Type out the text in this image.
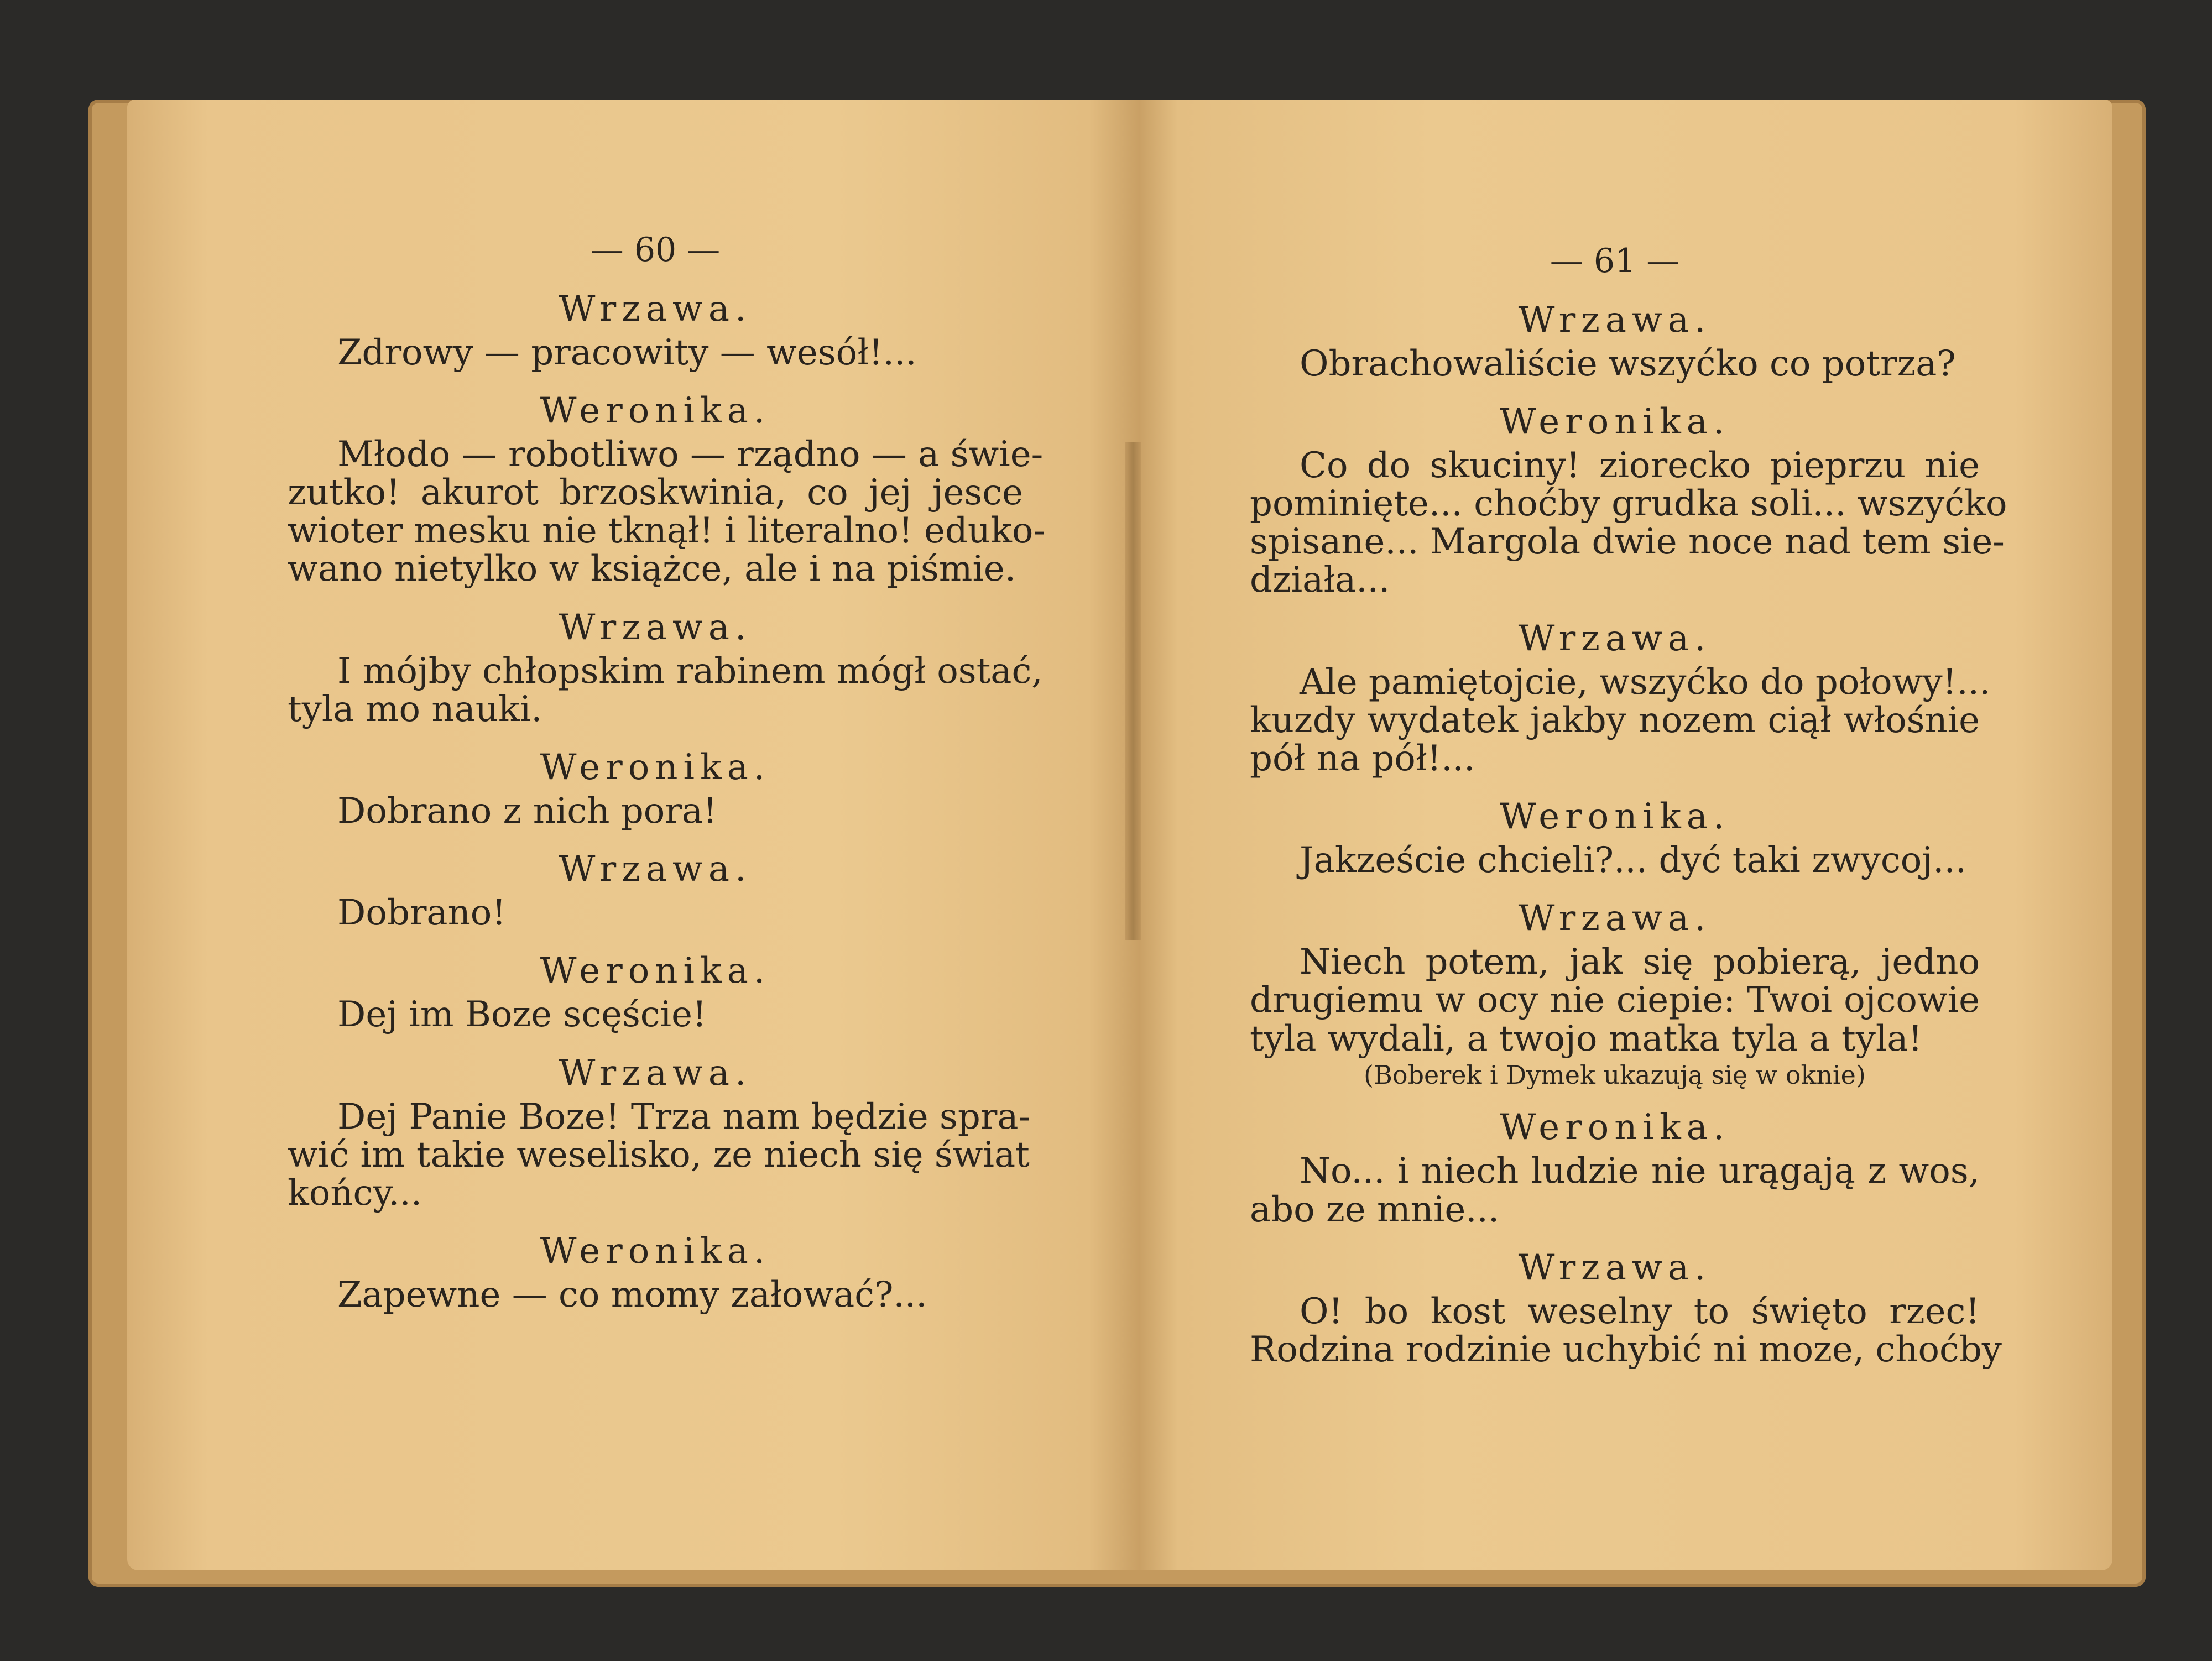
— 60 —
Wrzawa.
Zdrowy — pracowity — wesół!...
Weronika.
Młodo — robotliwo — rządno — a świe-
zutko! akurot brzoskwinia, co jej jesce
wioter mesku nie tknął! i literalno! eduko-
wano nietylko w książce, ale i na piśmie.
Wrzawa.
I mójby chłopskim rabinem mógł ostać,
tyla mo nauki.
Weronika.
Dobrano z nich pora!
Wrzawa.
Dobrano!
Weronika.
Dej im Boze scęście!
Wrzawa.
Dej Panie Boze! Trza nam będzie spra-
wić im takie weselisko, ze niech się świat
końcy...
Weronika.
Zapewne — co momy załować?...
— 61 —
Wrzawa.
Obrachowaliście wszyćko co potrza?
Weronika.
Co do skuciny! ziorecko pieprzu nie
pominięte... choćby grudka soli... wszyćko
spisane... Margola dwie noce nad tem sie-
działa...
Wrzawa.
Ale pamiętojcie, wszyćko do połowy!...
kuzdy wydatek jakby nozem ciął włośnie
pół na pół!...
Weronika.
Jakzeście chcieli?... dyć taki zwycoj...
Wrzawa.
Niech potem, jak się pobierą, jedno
drugiemu w ocy nie ciepie: Twoi ojcowie
tyla wydali, a twojo matka tyla a tyla!
(Boberek i Dymek ukazują się w oknie)
Weronika.
No... i niech ludzie nie urągają z wos,
abo ze mnie...
Wrzawa.
O! bo kost weselny to święto rzec!
Rodzina rodzinie uchybić ni moze, choćby
